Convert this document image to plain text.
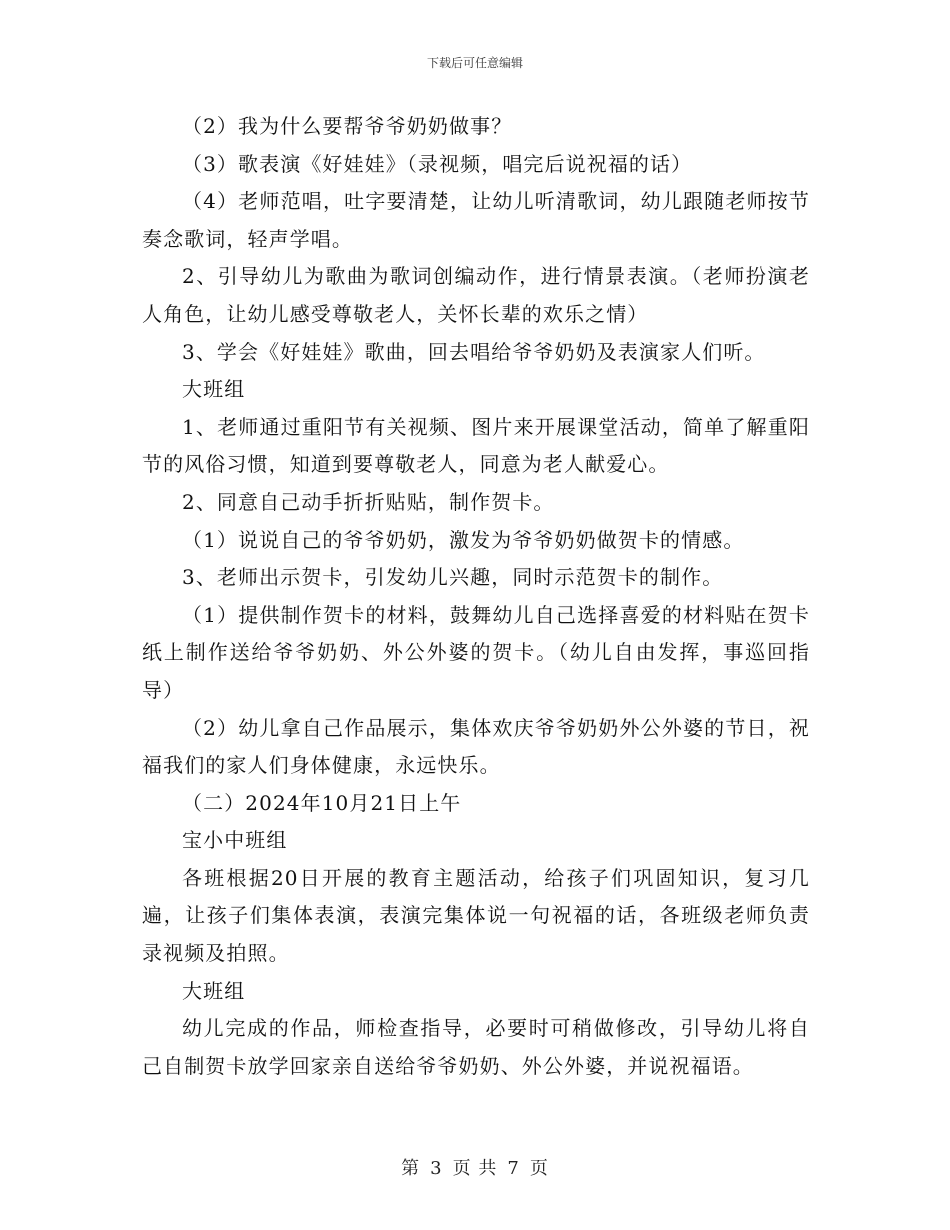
下载后可任意编辑

（2）我为什么要帮爷爷奶奶做事？

（3）歌表演《好娃娃》（录视频，唱完后说祝福的话）

（4）老师范唱，吐字要清楚，让幼儿听清歌词，幼儿跟随老师按节奏念歌词，轻声学唱。

2、引导幼儿为歌曲为歌词创编动作，进行情景表演。（老师扮演老人角色，让幼儿感受尊敬老人，关怀长辈的欢乐之情）

3、学会《好娃娃》歌曲，回去唱给爷爷奶奶及表演家人们听。

大班组

1、老师通过重阳节有关视频、图片来开展课堂活动，简单了解重阳节的风俗习惯，知道到要尊敬老人，同意为老人献爱心。

2、同意自己动手折折贴贴，制作贺卡。

（1）说说自己的爷爷奶奶，激发为爷爷奶奶做贺卡的情感。

3、老师出示贺卡，引发幼儿兴趣，同时示范贺卡的制作。

（1）提供制作贺卡的材料，鼓舞幼儿自己选择喜爱的材料贴在贺卡纸上制作送给爷爷奶奶、外公外婆的贺卡。（幼儿自由发挥，事巡回指导）

（2）幼儿拿自己作品展示，集体欢庆爷爷奶奶外公外婆的节日，祝福我们的家人们身体健康，永远快乐。

（二）2024年10月21日上午

宝小中班组

各班根据20日开展的教育主题活动，给孩子们巩固知识，复习几遍，让孩子们集体表演，表演完集体说一句祝福的话，各班级老师负责录视频及拍照。

大班组

幼儿完成的作品，师检查指导，必要时可稍做修改，引导幼儿将自己自制贺卡放学回家亲自送给爷爷奶奶、外公外婆，并说祝福语。

第 3 页 共 7 页
